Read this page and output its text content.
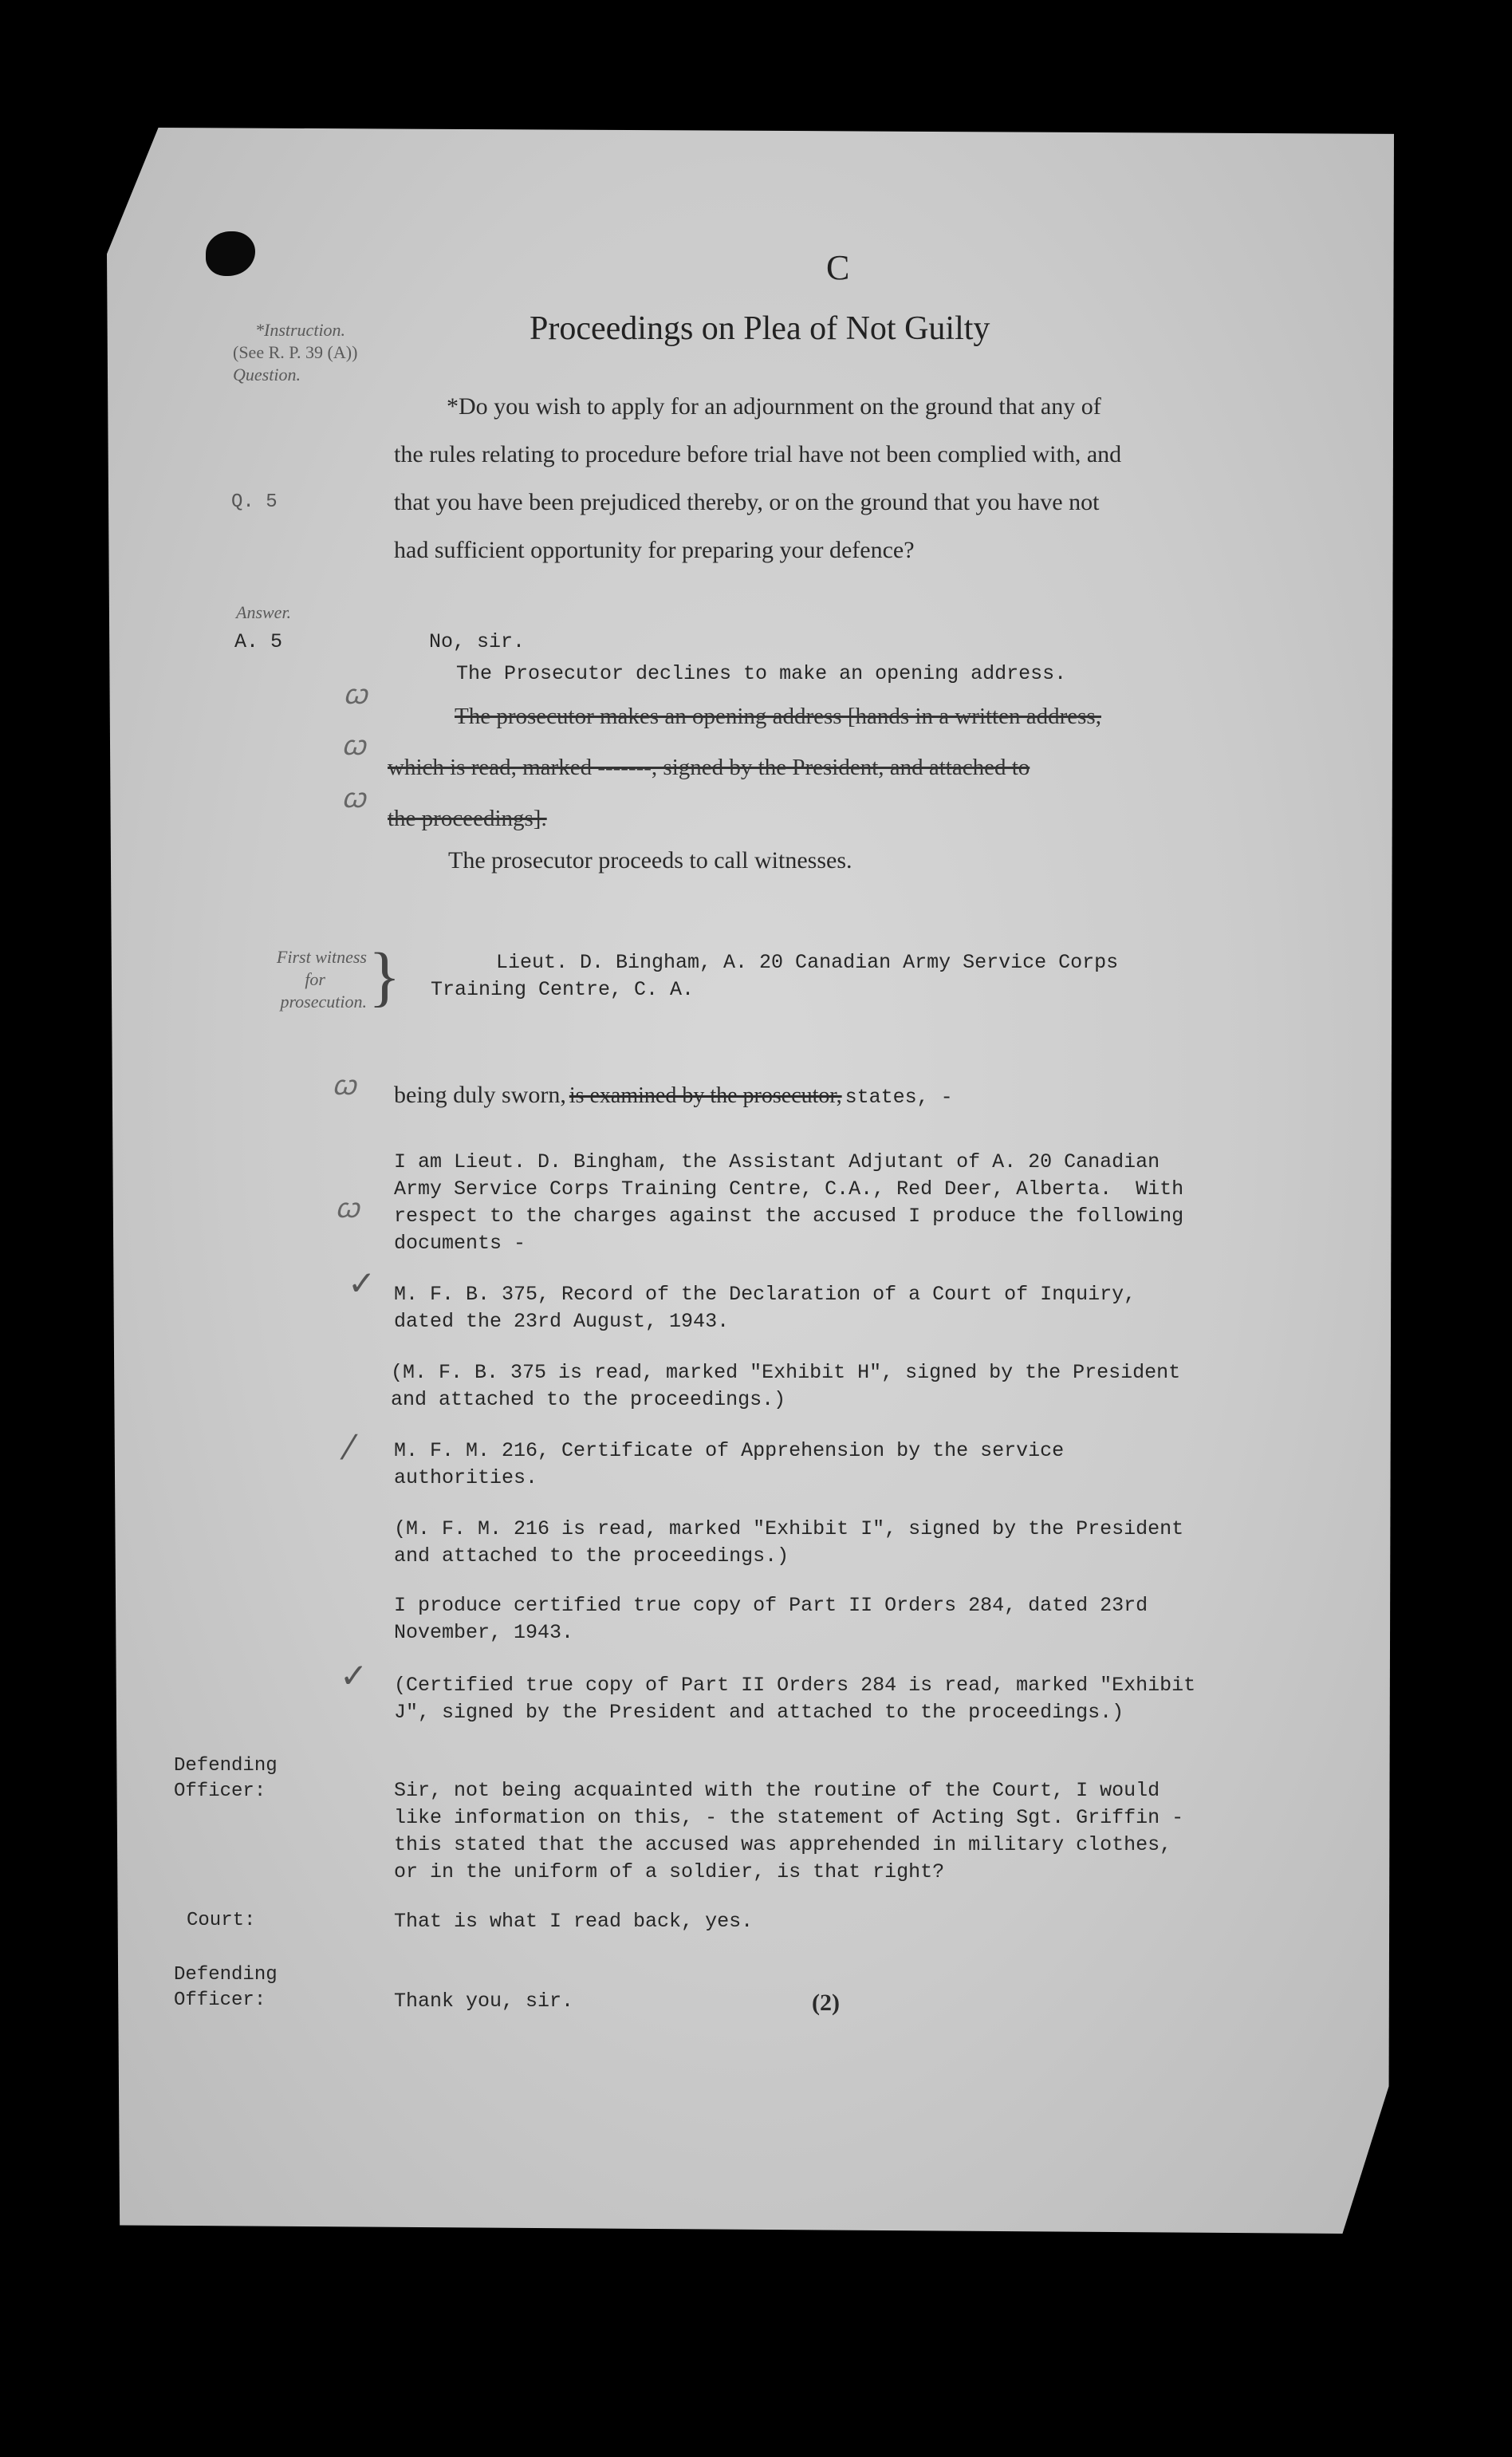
C
Proceedings on Plea of Not Guilty
*Instruction.
(See R. P. 39 (A))
Question.
*Do you wish to apply for an adjournment on the ground that any of
the rules relating to procedure before trial have not been complied with, and
that you have been prejudiced thereby, or on the ground that you have not
had sufficient opportunity for preparing your defence?
Q. 5
Answer.
A. 5	No, sir.
The Prosecutor declines to make an opening address.
ꞷ
ꞷ
ꞷ
The prosecutor makes an opening address [hands in a written address,
which is read, marked -------, signed by the President, and attached to
the proceedings].
The prosecutor proceeds to call witnesses.
First witness
for
prosecution. }	Lieut. D. Bingham, A. 20 Canadian Army Service Corps
Training Centre, C. A.
ꞷ being duly sworn, is examined by the prosecutor, states, -
I am Lieut. D. Bingham, the Assistant Adjutant of A. 20 Canadian
Army Service Corps Training Centre, C.A., Red Deer, Alberta.  With
respect to the charges against the accused I produce the following
documents -
ꞷ
✓ M. F. B. 375, Record of the Declaration of a Court of Inquiry,
dated the 23rd August, 1943.
(M. F. B. 375 is read, marked "Exhibit H", signed by the President
and attached to the proceedings.)
⁄ M. F. M. 216, Certificate of Apprehension by the service
authorities.
(M. F. M. 216 is read, marked "Exhibit I", signed by the President
and attached to the proceedings.)
I produce certified true copy of Part II Orders 284, dated 23rd
November, 1943.
✓ (Certified true copy of Part II Orders 284 is read, marked "Exhibit
J", signed by the President and attached to the proceedings.)
Defending Officer:	Sir, not being acquainted with the routine of the Court, I would
like information on this, - the statement of Acting Sgt. Griffin -
this stated that the accused was apprehended in military clothes,
or in the uniform of a soldier, is that right?
Court:	That is what I read back, yes.
Defending Officer:	Thank you, sir.	(2)
